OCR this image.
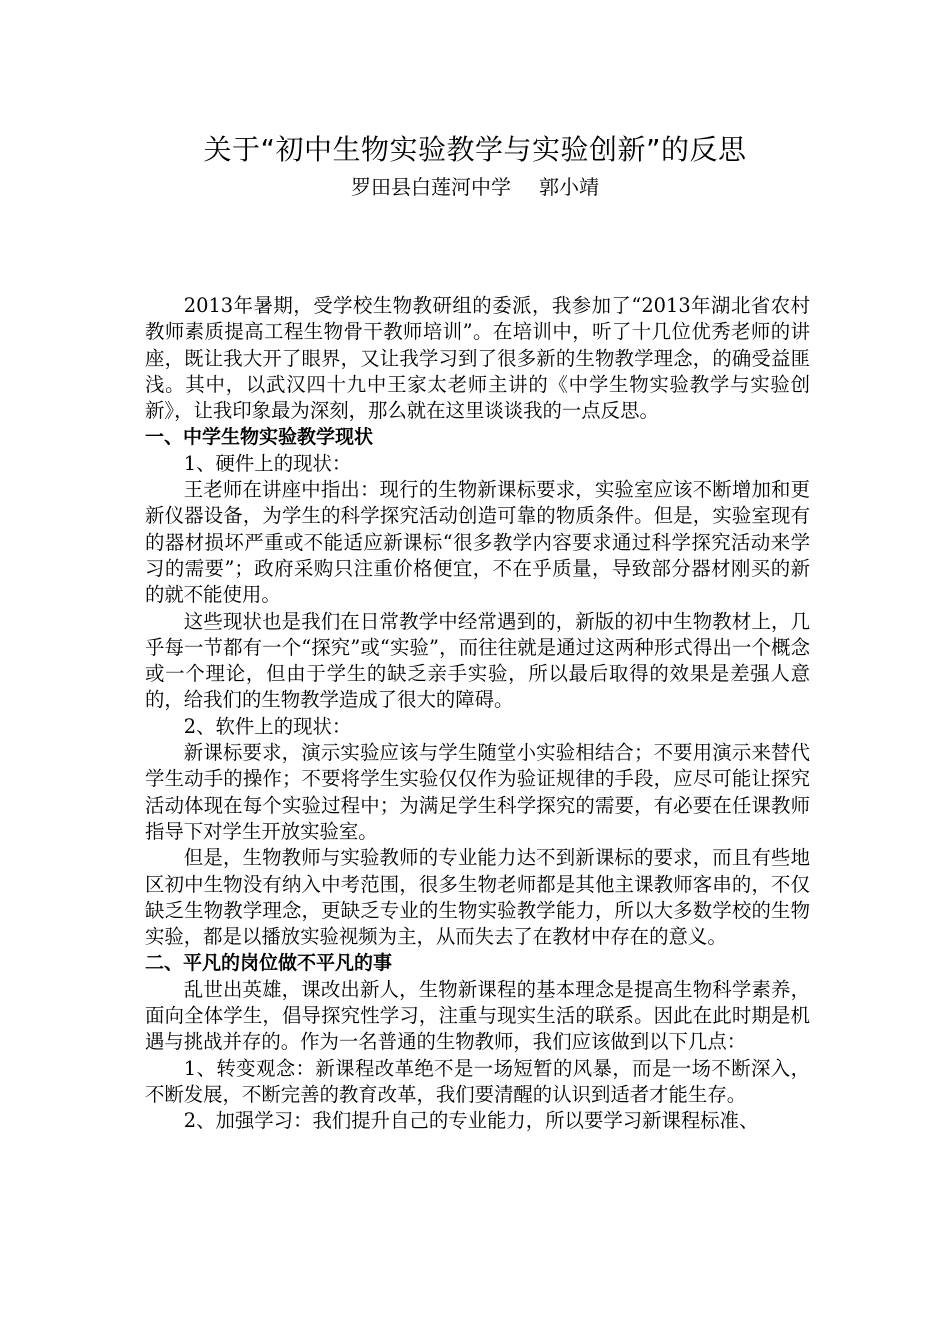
关于“初中生物实验教学与实验创新”的反思
罗田县白莲河中学 郭小靖

2013年暑期，受学校生物教研组的委派，我参加了“2013年湖北省农村教师素质提高工程生物骨干教师培训”。在培训中，听了十几位优秀老师的讲座，既让我大开了眼界，又让我学习到了很多新的生物教学理念，的确受益匪浅。其中，以武汉四十九中王家太老师主讲的《中学生物实验教学与实验创新》，让我印象最为深刻，那么就在这里谈谈我的一点反思。

一、中学生物实验教学现状

1、硬件上的现状：

王老师在讲座中指出：现行的生物新课标要求，实验室应该不断增加和更新仪器设备，为学生的科学探究活动创造可靠的物质条件。但是，实验室现有的器材损坏严重或不能适应新课标“很多教学内容要求通过科学探究活动来学习的需要”；政府采购只注重价格便宜，不在乎质量，导致部分器材刚买的新的就不能使用。

这些现状也是我们在日常教学中经常遇到的，新版的初中生物教材上，几乎每一节都有一个“探究”或“实验”，而往往就是通过这两种形式得出一个概念或一个理论，但由于学生的缺乏亲手实验，所以最后取得的效果是差强人意的，给我们的生物教学造成了很大的障碍。

2、软件上的现状：

新课标要求，演示实验应该与学生随堂小实验相结合；不要用演示来替代学生动手的操作；不要将学生实验仅仅作为验证规律的手段，应尽可能让探究活动体现在每个实验过程中；为满足学生科学探究的需要，有必要在任课教师指导下对学生开放实验室。

但是，生物教师与实验教师的专业能力达不到新课标的要求，而且有些地区初中生物没有纳入中考范围，很多生物老师都是其他主课教师客串的，不仅缺乏生物教学理念，更缺乏专业的生物实验教学能力，所以大多数学校的生物实验，都是以播放实验视频为主，从而失去了在教材中存在的意义。

二、平凡的岗位做不平凡的事

乱世出英雄，课改出新人，生物新课程的基本理念是提高生物科学素养，面向全体学生，倡导探究性学习，注重与现实生活的联系。因此在此时期是机遇与挑战并存的。作为一名普通的生物教师，我们应该做到以下几点：

1、转变观念：新课程改革绝不是一场短暂的风暴，而是一场不断深入，不断发展，不断完善的教育改革，我们要清醒的认识到适者才能生存。

2、加强学习：我们提升自己的专业能力，所以要学习新课程标准、
